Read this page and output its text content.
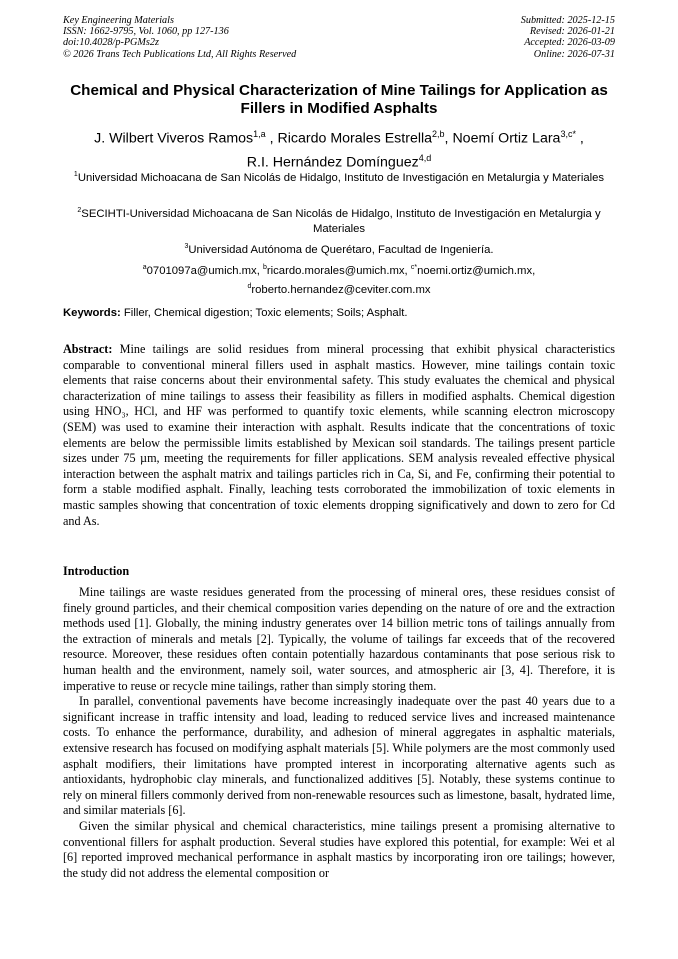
Key Engineering Materials
ISSN: 1662-9795, Vol. 1060, pp 127-136
doi:10.4028/p-PGMs2z
© 2026 Trans Tech Publications Ltd, All Rights Reserved
Submitted: 2025-12-15
Revised: 2026-01-21
Accepted: 2026-03-09
Online: 2026-07-31
Chemical and Physical Characterization of Mine Tailings for Application as Fillers in Modified Asphalts
J. Wilbert Viveros Ramos$^{1,a}$ , Ricardo Morales Estrella$^{2,b}$, Noemí Ortiz Lara$^{3,c*}$ ,
R.I. Hernández Domínguez$^{4,d}$
$^1$Universidad Michoacana de San Nicolás de Hidalgo, Instituto de Investigación en Metalurgia y Materiales
$^2$SECIHTI-Universidad Michoacana de San Nicolás de Hidalgo, Instituto de Investigación en Metalurgia y Materiales
$^3$Universidad Autónoma de Querétaro, Facultad de Ingeniería.
$^a$0701097a@umich.mx, $^b$ricardo.morales@umich.mx, $^{c*}$noemi.ortiz@umich.mx,
$^d$roberto.hernandez@ceviter.com.mx
Keywords: Filler, Chemical digestion; Toxic elements; Soils; Asphalt.

Abstract: Mine tailings are solid residues from mineral processing that exhibit physical characteristics comparable to conventional mineral fillers used in asphalt mastics. However, mine tailings contain toxic elements that raise concerns about their environmental safety. This study evaluates the chemical and physical characterization of mine tailings to assess their feasibility as fillers in modified asphalts. Chemical digestion using HNO₃, HCl, and HF was performed to quantify toxic elements, while scanning electron microscopy (SEM) was used to examine their interaction with asphalt. Results indicate that the concentrations of toxic elements are below the permissible limits established by Mexican soil standards. The tailings present particle sizes under 75 µm, meeting the requirements for filler applications. SEM analysis revealed effective physical interaction between the asphalt matrix and tailings particles rich in Ca, Si, and Fe, confirming their potential to form a stable modified asphalt. Finally, leaching tests corroborated the immobilization of toxic elements in mastic samples showing that concentration of toxic elements dropping significatively and down to zero for Cd and As.

Introduction

Mine tailings are waste residues generated from the processing of mineral ores, these residues consist of finely ground particles, and their chemical composition varies depending on the nature of ore and the extraction methods used [1]. Globally, the mining industry generates over 14 billion metric tons of tailings annually from the extraction of minerals and metals [2]. Typically, the volume of tailings far exceeds that of the recovered resource. Moreover, these residues often contain potentially hazardous contaminants that pose serious risk to human health and the environment, namely soil, water sources, and atmospheric air [3, 4]. Therefore, it is imperative to reuse or recycle mine tailings, rather than simply storing them.

In parallel, conventional pavements have become increasingly inadequate over the past 40 years due to a significant increase in traffic intensity and load, leading to reduced service lives and increased maintenance costs. To enhance the performance, durability, and adhesion of mineral aggregates in asphaltic materials, extensive research has focused on modifying asphalt materials [5]. While polymers are the most commonly used asphalt modifiers, their limitations have prompted interest in incorporating alternative agents such as antioxidants, hydrophobic clay minerals, and functionalized additives [5]. Notably, these systems continue to rely on mineral fillers commonly derived from non-renewable resources such as limestone, basalt, hydrated lime, and similar materials [6].

Given the similar physical and chemical characteristics, mine tailings present a promising alternative to conventional fillers for asphalt production. Several studies have explored this potential, for example: Wei et al [6] reported improved mechanical performance in asphalt mastics by incorporating iron ore tailings; however, the study did not address the elemental composition or
